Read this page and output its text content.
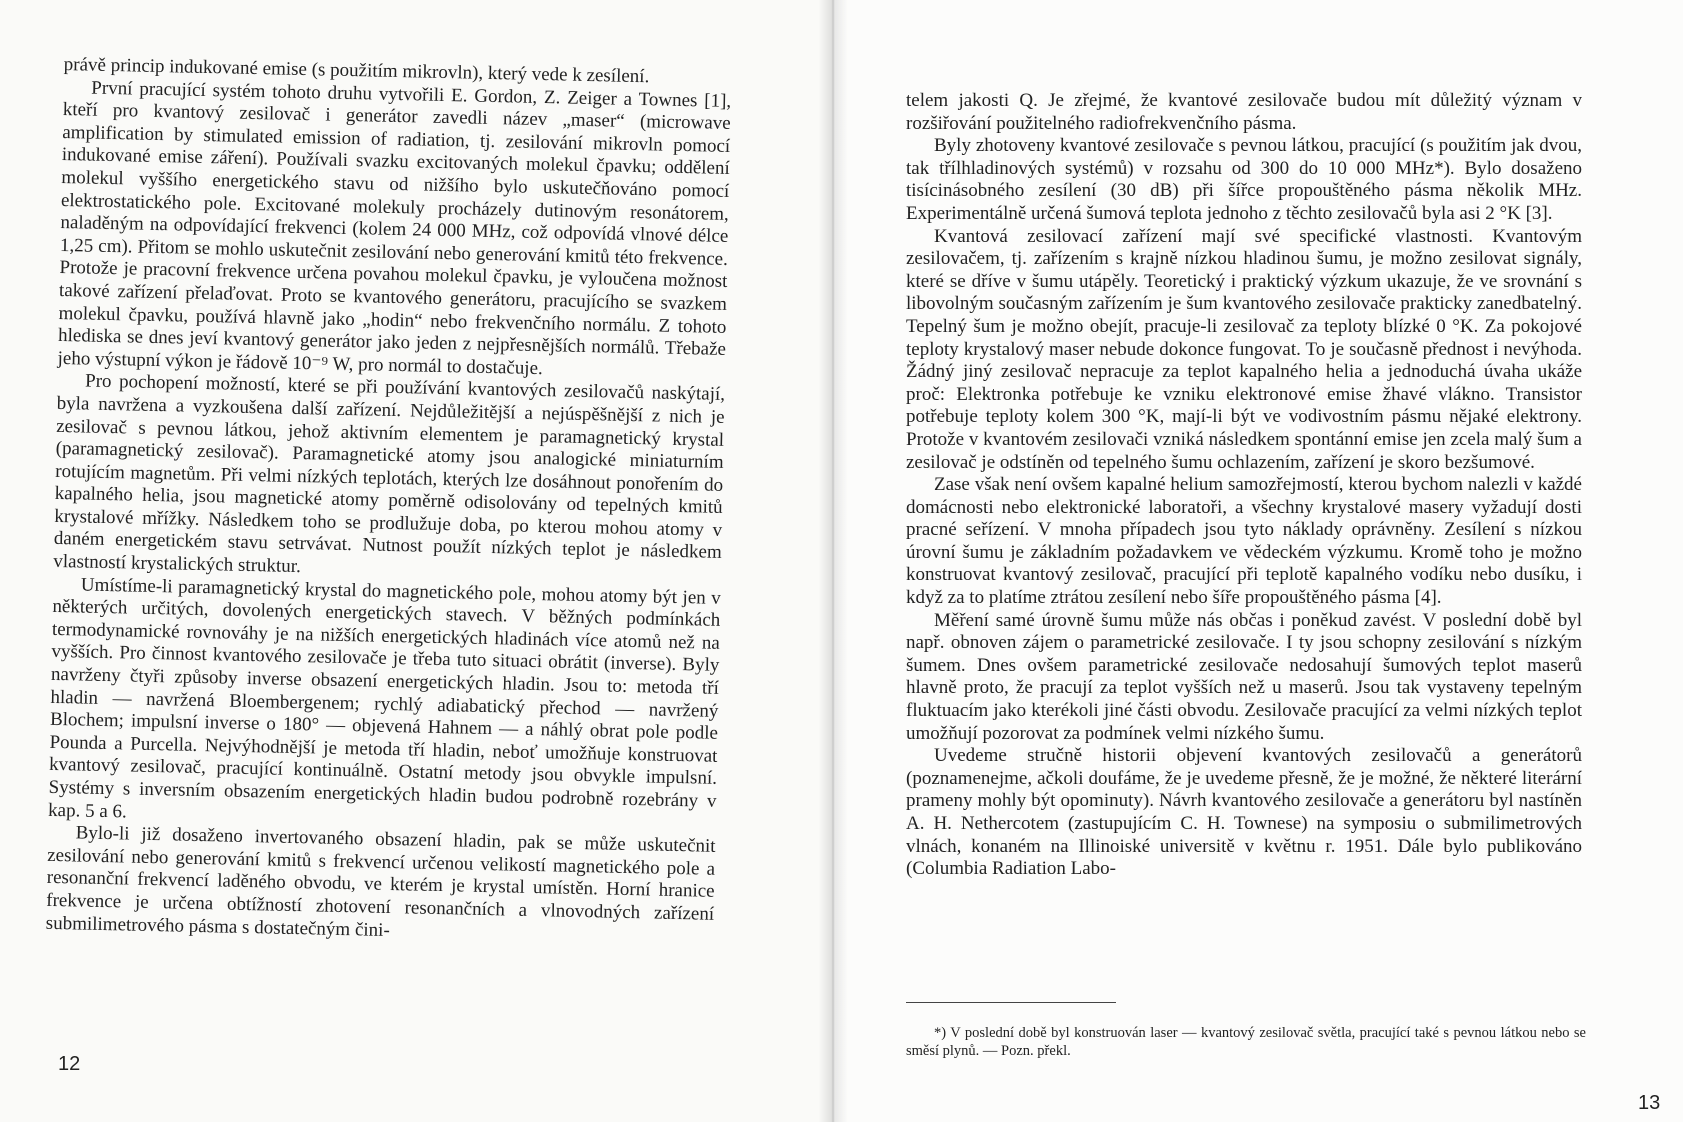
právě princip indukované emise (s použitím mikrovln), který vede k zesílení.

První pracující systém tohoto druhu vytvořili E. Gordon, Z. Zeiger a Townes [1], kteří pro kvantový zesilovač i generátor zavedli název „maser“ (microwave amplification by stimulated emission of radiation, tj. zesilování mikrovln pomocí indukované emise záření). Používali svazku excitovaných molekul čpavku; oddělení molekul vyššího energetického stavu od nižšího bylo uskutečňováno pomocí elektrostatického pole. Excitované molekuly procházely dutinovým resonátorem, naladěným na odpovídající frekvenci (kolem 24 000 MHz, což odpovídá vlnové délce 1,25 cm). Přitom se mohlo uskutečnit zesilování nebo generování kmitů této frekvence. Protože je pracovní frekvence určena povahou molekul čpavku, je vyloučena možnost takové zařízení přelaďovat. Proto se kvantového generátoru, pracujícího se svazkem molekul čpavku, používá hlavně jako „hodin“ nebo frekvenčního normálu. Z tohoto hlediska se dnes jeví kvantový generátor jako jeden z nejpřesnějších normálů. Třebaže jeho výstupní výkon je řádově 10⁻⁹ W, pro normál to dostačuje.

Pro pochopení možností, které se při používání kvantových zesilovačů naskýtají, byla navržena a vyzkoušena další zařízení. Nejdůležitější a nejúspěšnější z nich je zesilovač s pevnou látkou, jehož aktivním elementem je paramagnetický krystal (paramagnetický zesilovač). Paramagnetické atomy jsou analogické miniaturním rotujícím magnetům. Při velmi nízkých teplotách, kterých lze dosáhnout ponořením do kapalného helia, jsou magnetické atomy poměrně odisolovány od tepelných kmitů krystalové mřížky. Následkem toho se prodlužuje doba, po kterou mohou atomy v daném energetickém stavu setrvávat. Nutnost použít nízkých teplot je následkem vlastností krystalických struktur.

Umístíme-li paramagnetický krystal do magnetického pole, mohou atomy být jen v některých určitých, dovolených energetických stavech. V běžných podmínkách termodynamické rovnováhy je na nižších energetických hladinách více atomů než na vyšších. Pro činnost kvantového zesilovače je třeba tuto situaci obrátit (inverse). Byly navrženy čtyři způsoby inverse obsazení energetických hladin. Jsou to: metoda tří hladin — navržená Bloembergenem; rychlý adiabatický přechod — navržený Blochem; impulsní inverse o 180° — objevená Hahnem — a náhlý obrat pole podle Pounda a Purcella. Nejvýhodnější je metoda tří hladin, neboť umožňuje konstruovat kvantový zesilovač, pracující kontinuálně. Ostatní metody jsou obvykle impulsní. Systémy s inversním obsazením energetických hladin budou podrobně rozebrány v kap. 5 a 6.

Bylo-li již dosaženo invertovaného obsazení hladin, pak se může uskutečnit zesilování nebo generování kmitů s frekvencí určenou velikostí magnetického pole a resonanční frekvencí laděného obvodu, ve kterém je krystal umístěn. Horní hranice frekvence je určena obtížností zhotovení resonančních a vlnovodných zařízení submilimetrového pásma s dostatečným čini-

12

telem jakosti Q. Je zřejmé, že kvantové zesilovače budou mít důležitý význam v rozšiřování použitelného radiofrekvenčního pásma.

Byly zhotoveny kvantové zesilovače s pevnou látkou, pracující (s použitím jak dvou, tak třílhladinových systémů) v rozsahu od 300 do 10 000 MHz*). Bylo dosaženo tisícinásobného zesílení (30 dB) při šířce propouštěného pásma několik MHz. Experimentálně určená šumová teplota jednoho z těchto zesilovačů byla asi 2 °K [3].

Kvantová zesilovací zařízení mají své specifické vlastnosti. Kvantovým zesilovačem, tj. zařízením s krajně nízkou hladinou šumu, je možno zesilovat signály, které se dříve v šumu utápěly. Teoretický i praktický výzkum ukazuje, že ve srovnání s libovolným současným zařízením je šum kvantového zesilovače prakticky zanedbatelný. Tepelný šum je možno obejít, pracuje-li zesilovač za teploty blízké 0 °K. Za pokojové teploty krystalový maser nebude dokonce fungovat. To je současně přednost i nevýhoda. Žádný jiný zesilovač nepracuje za teplot kapalného helia a jednoduchá úvaha ukáže proč: Elektronka potřebuje ke vzniku elektronové emise žhavé vlákno. Transistor potřebuje teploty kolem 300 °K, mají-li být ve vodivostním pásmu nějaké elektrony. Protože v kvantovém zesilovači vzniká následkem spontánní emise jen zcela malý šum a zesilovač je odstíněn od tepelného šumu ochlazením, zařízení je skoro bezšumové.

Zase však není ovšem kapalné helium samozřejmostí, kterou bychom nalezli v každé domácnosti nebo elektronické laboratoři, a všechny krystalové masery vyžadují dosti pracné seřízení. V mnoha případech jsou tyto náklady oprávněny. Zesílení s nízkou úrovní šumu je základním požadavkem ve vědeckém výzkumu. Kromě toho je možno konstruovat kvantový zesilovač, pracující při teplotě kapalného vodíku nebo dusíku, i když za to platíme ztrátou zesílení nebo šíře propouštěného pásma [4].

Měření samé úrovně šumu může nás občas i poněkud zavést. V poslední době byl např. obnoven zájem o parametrické zesilovače. I ty jsou schopny zesilování s nízkým šumem. Dnes ovšem parametrické zesilovače nedosahují šumových teplot maserů hlavně proto, že pracují za teplot vyšších než u maserů. Jsou tak vystaveny tepelným fluktuacím jako kterékoli jiné části obvodu. Zesilovače pracující za velmi nízkých teplot umožňují pozorovat za podmínek velmi nízkého šumu.

Uvedeme stručně historii objevení kvantových zesilovačů a generátorů (poznamenejme, ačkoli doufáme, že je uvedeme přesně, že je možné, že některé literární prameny mohly být opominuty). Návrh kvantového zesilovače a generátoru byl nastíněn A. H. Nethercotem (zastupujícím C. H. Townese) na symposiu o submilimetrových vlnách, konaném na Illinoiské universitě v květnu r. 1951. Dále bylo publikováno (Columbia Radiation Labo-

*) V poslední době byl konstruován laser — kvantový zesilovač světla, pracující také s pevnou látkou nebo se směsí plynů. — Pozn. překl.
13
